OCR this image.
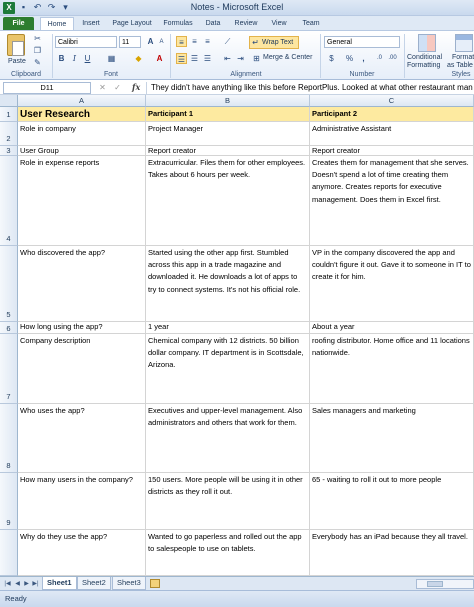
X	▪ ↶ ↷ ▾	Notes - Microsoft Excel
File	Home	Insert	Page Layout	Formulas	Data	Review	View	Team
Paste
✂
❐
✎
Clipboard
Calibri	11	A	A
B	I	U	▦	◆	A
Font
≡	≡	≡	⟋
☰ ☰ ☰ ⇤ ⇥
Wrap Text
↵
Merge & Center
⊞
Alignment
General
$	%	,	.0	.00
Number
Conditional
Formatting
Format
as Table
Styles
D11	✕ ✓ fx	They didn't have anything like this before ReportPlus. Looked at what other restaurant man
A	B	C
1 User Research	Participant 1	Participant 2
2
Role in company	Project Manager	Administrative Assistant
3	User Group	Report creator	Report creator
4
Role in expense reports	Extracurricular. Files them for other employees. Takes about 6 hours per week.
Creates them for management that she serves. Doesn't spend a lot of time creating them anymore. Creates reports for executive management. Does them in Excel first.
5
Who discovered the app?	Started using the other app first. Stumbled across this app in a trade magazine and downloaded it. He downloads a lot of apps to try to connect systems. It's not his official role.
VP in the company discovered the app and couldn't figure it out. Gave it to someone in IT to create it for him.
6	How long using the app?	1 year	About a year
7
Company description	Chemical company with 12 districts. 50 billion dollar company. IT department is in Scottsdale, Arizona.
roofing distributor. Home office and 11 locations nationwide.
8
Who uses the app?	Executives and upper-level management. Also administrators and others that work for them.
Sales managers and marketing
9
How many users in the company?	150 users. More people will be using it in other districts as they roll it out.
65 - waiting to roll it out to more people
Why do they use the app?	Wanted to go paperless and rolled out the app to salespeople to use on tablets.
Everybody has an iPad because they all travel.
|◀ ◀ ▶ ▶|	Sheet1	Sheet2	Sheet3
Ready
